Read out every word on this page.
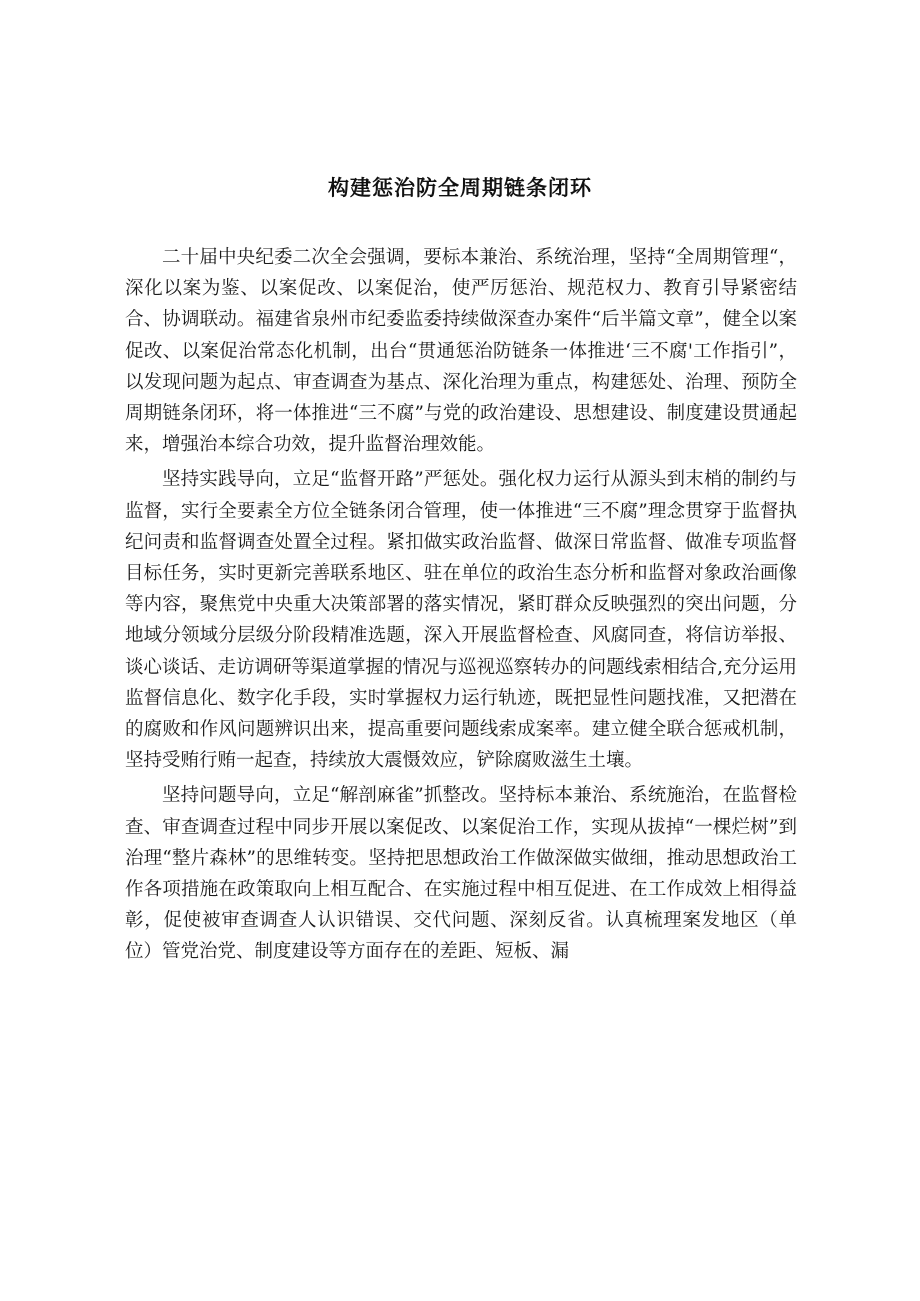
构建惩治防全周期链条闭环

二十届中央纪委二次全会强调，要标本兼治、系统治理，坚持“全周期管理“，深化以案为鉴、以案促改、以案促治，使严厉惩治、规范权力、教育引导紧密结合、协调联动。福建省泉州市纪委监委持续做深查办案件“后半篇文章”，健全以案促改、以案促治常态化机制，出台“贯通惩治防链条一体推进‘三不腐'工作指引”，以发现问题为起点、审查调查为基点、深化治理为重点，构建惩处、治理、预防全周期链条闭环，将一体推进“三不腐”与党的政治建设、思想建设、制度建设贯通起来，增强治本综合功效，提升监督治理效能。

坚持实践导向，立足“监督开路”严惩处。强化权力运行从源头到末梢的制约与监督，实行全要素全方位全链条闭合管理，使一体推进“三不腐”理念贯穿于监督执纪问责和监督调查处置全过程。紧扣做实政治监督、做深日常监督、做准专项监督目标任务，实时更新完善联系地区、驻在单位的政治生态分析和监督对象政治画像等内容，聚焦党中央重大决策部署的落实情况，紧盯群众反映强烈的突出问题，分地域分领域分层级分阶段精准选题，深入开展监督检查、风腐同查，将信访举报、谈心谈话、走访调研等渠道掌握的情况与巡视巡察转办的问题线索相结合,充分运用监督信息化、数字化手段，实时掌握权力运行轨迹，既把显性问题找准，又把潜在的腐败和作风问题辨识出来，提高重要问题线索成案率。建立健全联合惩戒机制，坚持受贿行贿一起查，持续放大震慑效应，铲除腐败滋生土壤。

坚持问题导向，立足“解剖麻雀”抓整改。坚持标本兼治、系统施治，在监督检查、审查调查过程中同步开展以案促改、以案促治工作，实现从拔掉“一棵烂树”到治理“整片森林”的思维转变。坚持把思想政治工作做深做实做细，推动思想政治工作各项措施在政策取向上相互配合、在实施过程中相互促进、在工作成效上相得益彰，促使被审查调查人认识错误、交代问题、深刻反省。认真梳理案发地区（单位）管党治党、制度建设等方面存在的差距、短板、漏
